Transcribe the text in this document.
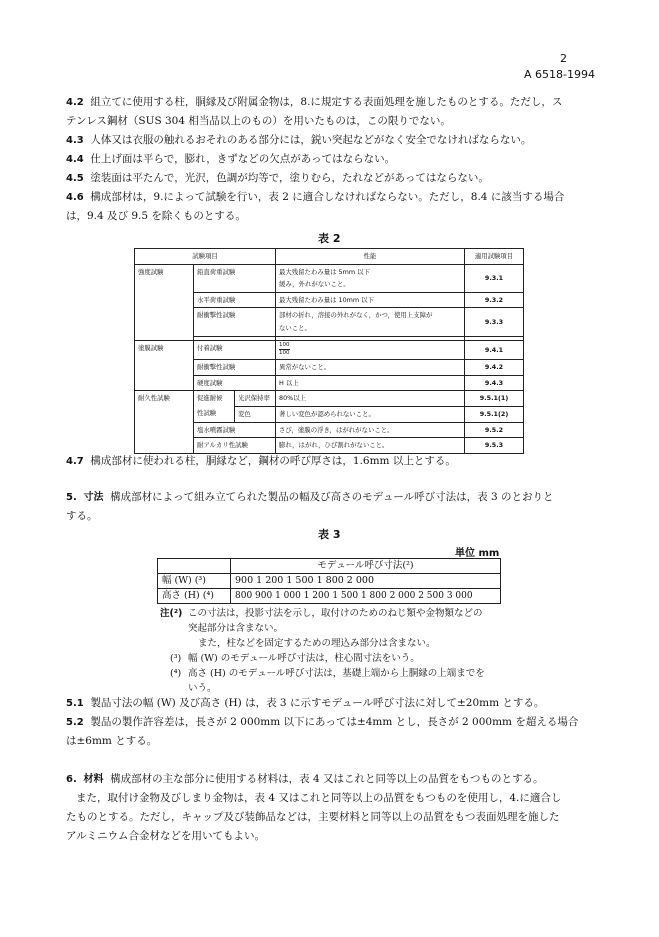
2
A 6518-1994
4.2 組立てに使用する柱，胴縁及び附属金物は，8.に規定する表面処理を施したものとする。ただし，ス
テンレス鋼材（SUS 304 相当品以上のもの）を用いたものは，この限りでない。
4.3 人体又は衣服の触れるおそれのある部分には，鋭い突起などがなく安全でなければならない。
4.4 仕上げ面は平らで，膨れ，きずなどの欠点があってはならない。
4.5 塗装面は平たんで，光沢，色調が均等で，塗りむら，たれなどがあってはならない。
4.6 構成部材は，9.によって試験を行い，表 2 に適合しなければならない。ただし，8.4 に該当する場合
は，9.4 及び 9.5 を除くものとする。
表 2
試験項目			性能	適用試験項目
強度試験	鉛直荷重試験		最大残留たわみ量は 5mm 以下
緩み，外れがないこと。	9.3.1
	水平荷重試験		最大残留たわみ量は 10mm 以下	9.3.2
	耐衝撃性試験		部材の折れ，溶接の外れがなく，かつ，使用上支障が
ないこと。	9.3.3

塗膜試験	付着試験		$\frac{100}{100}$	9.4.1
	耐衝撃性試験		異常がないこと。	9.4.2
	硬度試験		H 以上	9.4.3
耐久性試験	促進耐候	光沢保持率	80%以上	9.5.1(1)
	性試験	変色	著しい変色が認められないこと。	9.5.1(2)
	塩水噴霧試験		さび，塗膜の浮き，はがれがないこと。	9.5.2
	耐アルカリ性試験		膨れ，はがれ，ひび割れがないこと。	9.5.3
4.7 構成部材に使われる柱，胴縁など，鋼材の呼び厚さは，1.6mm 以上とする。
5. 寸法 構成部材によって組み立てられた製品の幅及び高さのモデュール呼び寸法は，表 3 のとおりと
する。
表 3
単位 mm
	モデュール呼び寸法(²)
幅 (W) (³)	900 1 200 1 500 1 800 2 000
高さ (H) (⁴)	800 900 1 000 1 200 1 500 1 800 2 000 2 500 3 000
注(²) この寸法は，投影寸法を示し，取付けのためのねじ類や金物類などの
突起部分は含まない。
また，柱などを固定するための埋込み部分は含まない。
(³) 幅 (W) のモデュール呼び寸法は，柱心間寸法をいう。
(⁴) 高さ (H) のモデュール呼び寸法は，基礎上端から上胴縁の上端までを
いう。
5.1 製品寸法の幅 (W) 及び高さ (H) は，表 3 に示すモデュール呼び寸法に対して±20mm とする。
5.2 製品の製作許容差は，長さが 2 000mm 以下にあっては±4mm とし，長さが 2 000mm を超える場合
は±6mm とする。
6. 材料 構成部材の主な部分に使用する材料は，表 4 又はこれと同等以上の品質をもつものとする。
また，取付け金物及びしまり金物は，表 4 又はこれと同等以上の品質をもつものを使用し，4.に適合し
たものとする。ただし，キャップ及び装飾品などは，主要材料と同等以上の品質をもつ表面処理を施した
アルミニウム合金材などを用いてもよい。
